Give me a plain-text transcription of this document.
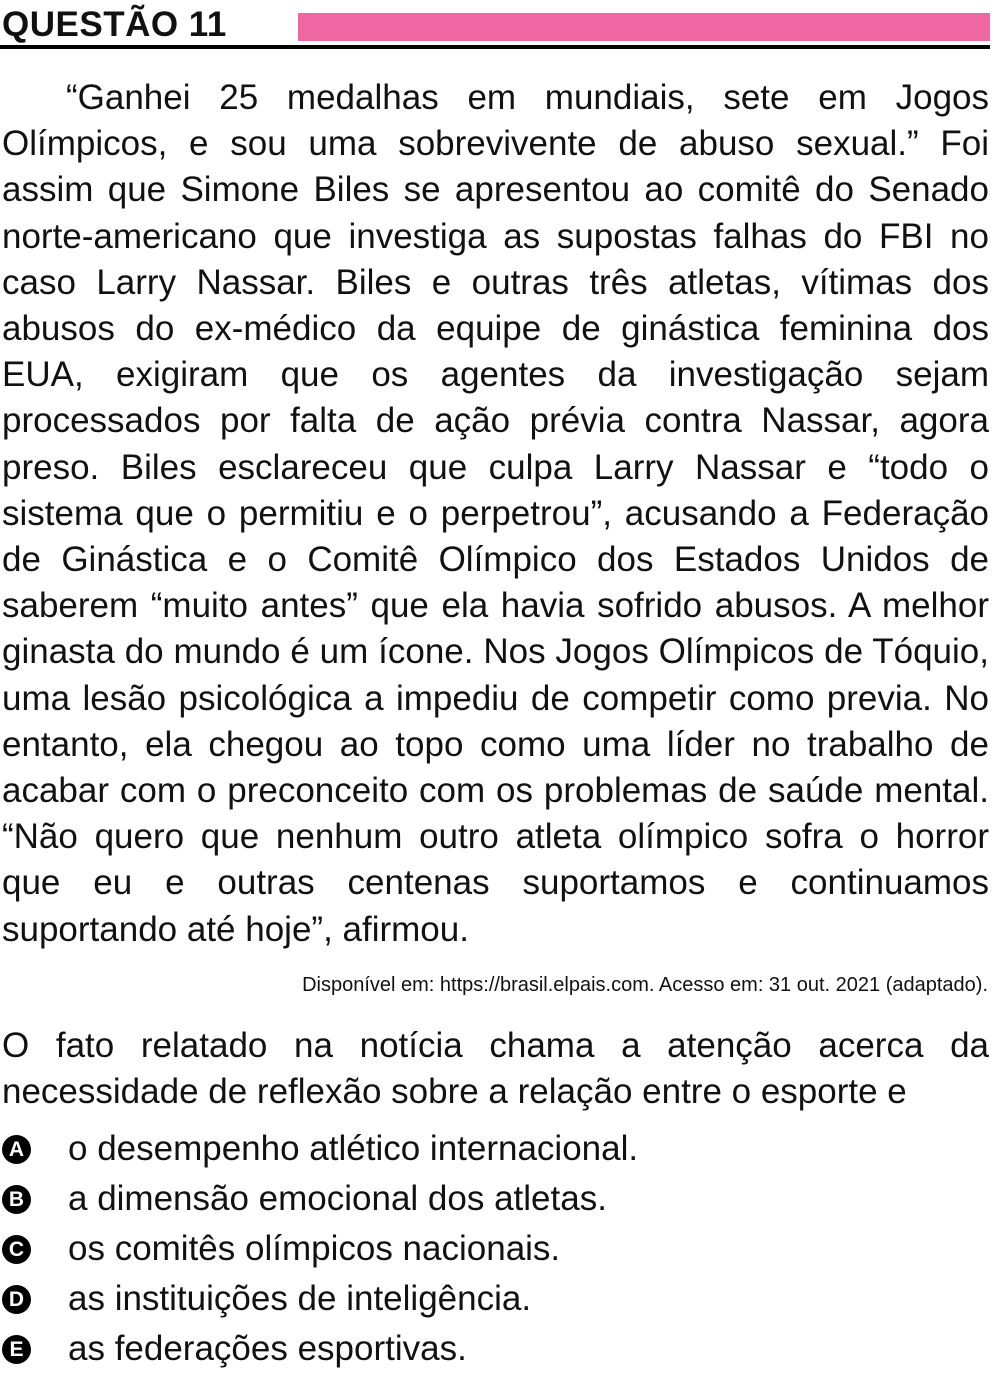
QUESTÃO 11

“Ganhei 25 medalhas em mundiais, sete em Jogos Olímpicos, e sou uma sobrevivente de abuso sexual.” Foi assim que Simone Biles se apresentou ao comitê do Senado norte-americano que investiga as supostas falhas do FBI no caso Larry Nassar. Biles e outras três atletas, vítimas dos abusos do ex-médico da equipe de ginástica feminina dos EUA, exigiram que os agentes da investigação sejam processados por falta de ação prévia contra Nassar, agora preso. Biles esclareceu que culpa Larry Nassar e “todo o sistema que o permitiu e o perpetrou”, acusando a Federação de Ginástica e o Comitê Olímpico dos Estados Unidos de saberem “muito antes” que ela havia sofrido abusos. A melhor ginasta do mundo é um ícone. Nos Jogos Olímpicos de Tóquio, uma lesão psicológica a impediu de competir como previa. No entanto, ela chegou ao topo como uma líder no trabalho de acabar com o preconceito com os problemas de saúde mental. “Não quero que nenhum outro atleta olímpico sofra o horror que eu e outras centenas suportamos e continuamos suportando até hoje”, afirmou.

Disponível em: https://brasil.elpais.com. Acesso em: 31 out. 2021 (adaptado).

O fato relatado na notícia chama a atenção acerca da necessidade de reflexão sobre a relação entre o esporte e

A o desempenho atlético internacional.
B a dimensão emocional dos atletas.
C os comitês olímpicos nacionais.
D as instituições de inteligência.
E as federações esportivas.
